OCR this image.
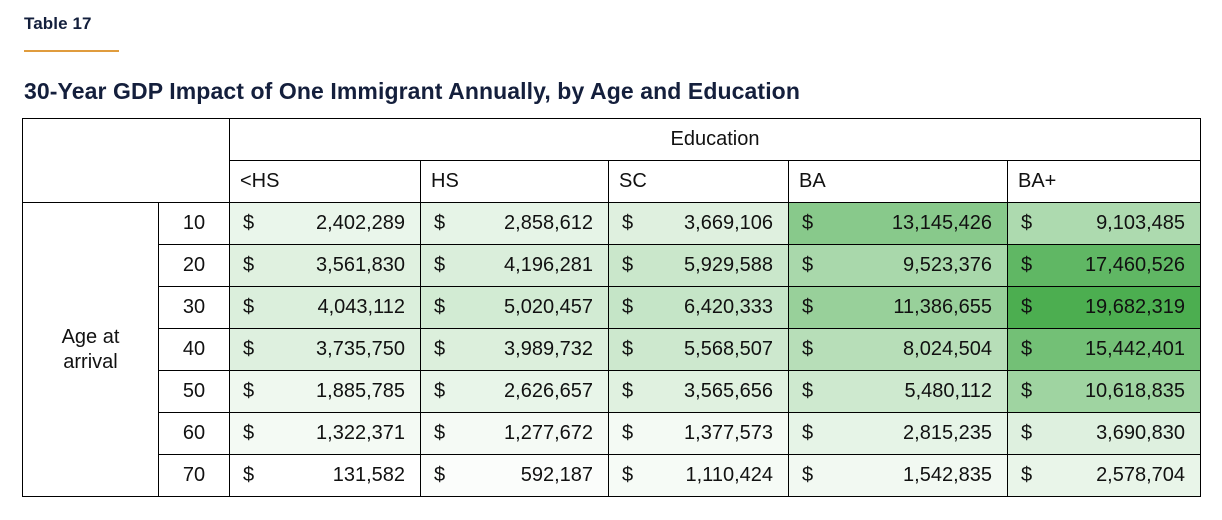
Table 17
30-Year GDP Impact of One Immigrant Annually, by Age and Education
		Education				
		<HS	HS	SC	BA	BA+

Age at arrival	10	$ 2,402,289	$ 2,858,612	$ 3,669,106	$ 13,145,426	$ 9,103,485

	20	$ 3,561,830	$ 4,196,281	$ 5,929,588	$ 9,523,376	$ 17,460,526

	30	$ 4,043,112	$ 5,020,457	$ 6,420,333	$ 11,386,655	$ 19,682,319

	40	$ 3,735,750	$ 3,989,732	$ 5,568,507	$ 8,024,504	$ 15,442,401

	50	$ 1,885,785	$ 2,626,657	$ 3,565,656	$ 5,480,112	$ 10,618,835

	60	$ 1,322,371	$ 1,277,672	$ 1,377,573	$ 2,815,235	$ 3,690,830

	70	$ 131,582	$ 592,187	$ 1,110,424	$ 1,542,835	$ 2,578,704
